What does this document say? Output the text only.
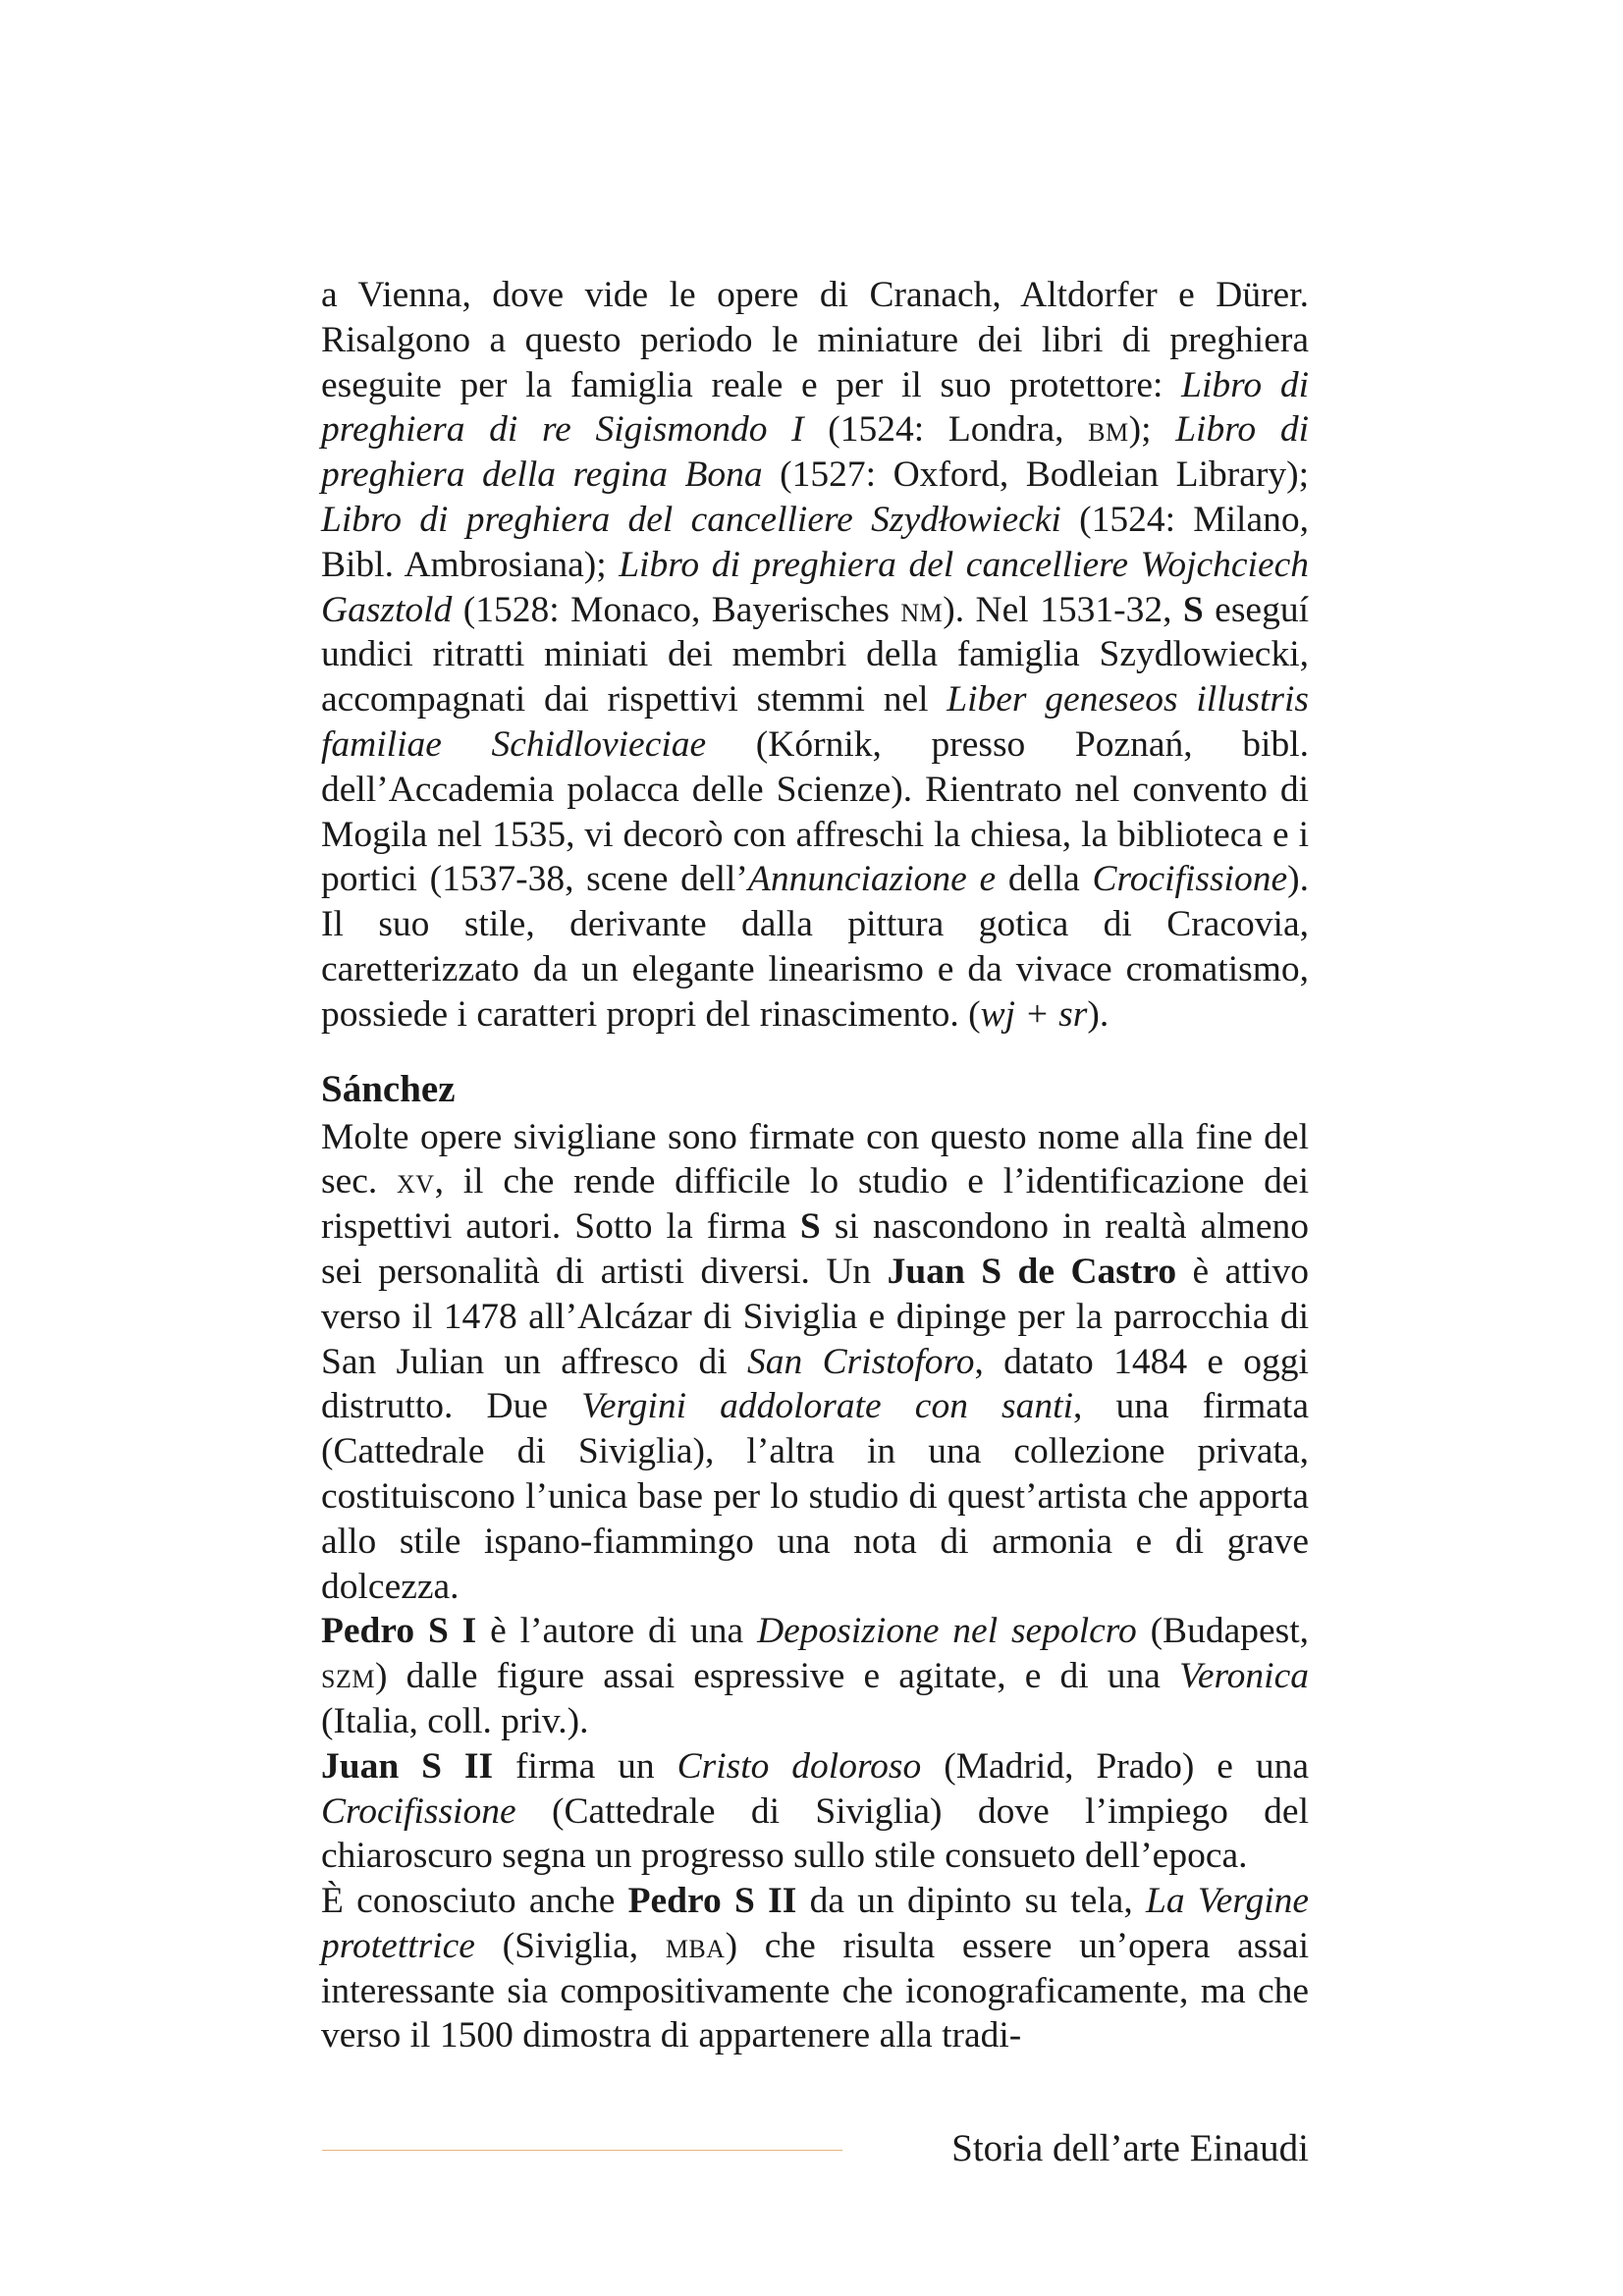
a Vienna, dove vide le opere di Cranach, Altdorfer e Dürer. Risalgono a questo periodo le miniature dei libri di preghiera eseguite per la famiglia reale e per il suo protettore: Libro di preghiera di re Sigismondo I (1524: Londra, bm); Libro di preghiera della regina Bona (1527: Oxford, Bodleian Library); Libro di preghiera del cancelliere Szydłowiecki (1524: Milano, Bibl. Ambrosiana); Libro di preghiera del cancelliere Wojchciech Gasztold (1528: Monaco, Bayerisches nm). Nel 1531-32, S eseguí undici ritratti miniati dei membri della famiglia Szydlowiecki, accompagnati dai rispettivi stemmi nel Liber geneseos illustris familiae Schidlovieciae (Kórnik, presso Poznań, bibl. dell’Accademia polacca delle Scienze). Rientrato nel convento di Mogila nel 1535, vi decorò con affreschi la chiesa, la biblioteca e i portici (1537-38, scene dell’Annunciazione e della Crocifissione). Il suo stile, derivante dalla pittura gotica di Cracovia, caretterizzato da un elegante linearismo e da vivace cromatismo, possiede i caratteri propri del rinascimento. (wj + sr).

Sánchez

Molte opere sivigliane sono firmate con questo nome alla fine del sec. xv, il che rende difficile lo studio e l’identificazione dei rispettivi autori. Sotto la firma S si nascondono in realtà almeno sei personalità di artisti diversi. Un Juan S de Castro è attivo verso il 1478 all’Alcázar di Siviglia e dipinge per la parrocchia di San Julian un affresco di San Cristoforo, datato 1484 e oggi distrutto. Due Vergini addolorate con santi, una firmata (Cattedrale di Siviglia), l’altra in una collezione privata, costituiscono l’unica base per lo studio di quest’artista che apporta allo stile ispano-fiammingo una nota di armonia e di grave dolcezza.

Pedro S I è l’autore di una Deposizione nel sepolcro (Budapest, szm) dalle figure assai espressive e agitate, e di una Veronica (Italia, coll. priv.).

Juan S II firma un Cristo doloroso (Madrid, Prado) e una Crocifissione (Cattedrale di Siviglia) dove l’impiego del chiaroscuro segna un progresso sullo stile consueto dell’epoca.

È conosciuto anche Pedro S II da un dipinto su tela, La Vergine protettrice (Siviglia, mba) che risulta essere un’opera assai interessante sia compositivamente che iconograficamente, ma che verso il 1500 dimostra di appartenere alla tradi-

Storia dell’arte Einaudi
